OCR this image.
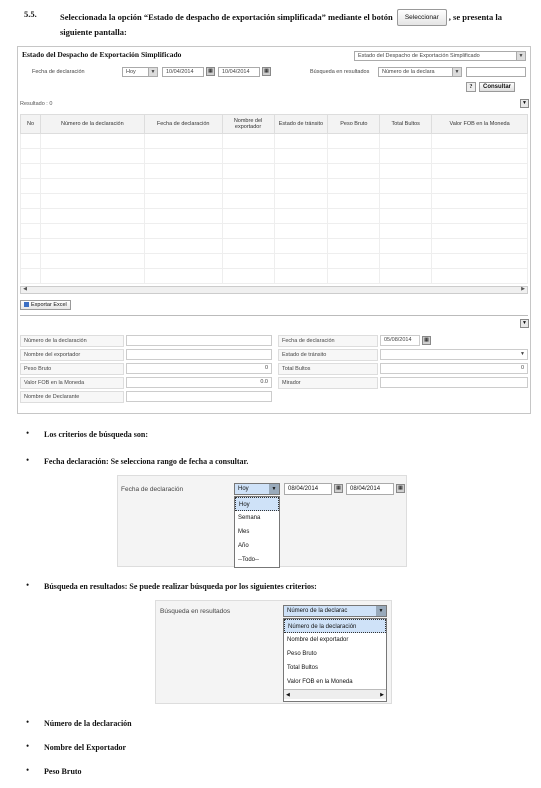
5.5.	Seleccionada la opción “Estado de despacho de exportación simplificada” mediante el botón Seleccionar , se presenta la siguiente pantalla:
Estado del Despacho de Exportación Simplificado	Estado del Despacho de Exportación Simplificado	▼
Fecha de declaración	Hoy	▼	10/04/2014	▦	10/04/2014	▦	Búsqueda en resultados	Número de la declara	▼
?	Consultar
Resultado : 0	▼
No	Número de la declaración	Fecha de declaración	Nombre del exportador	Estado de tránsito	Peso Bruto	Total Bultos	Valor FOB en la Moneda

◀	▶
Exportar Excel
▼
Número de la declaración
Nombre del exportador
Peso Bruto	0
Valor FOB en la Moneda	0.0
Nombre de Declarante
Fecha de declaración	05/08/2014	▦
Estado de tránsito	▼
Total Bultos	0
Mirador
• Los criterios de búsqueda son:
• Fecha declaración: Se selecciona rango de fecha a consultar.
Fecha de declaración	Hoy	▼	08/04/2014	▦	08/04/2014	▦
Hoy
Semana
Mes
Año
--Todo--
• Búsqueda en resultados: Se puede realizar búsqueda por los siguientes criterios:
Búsqueda en resultados	Número de la declarac	▼
Número de la declaración
Nombre del exportador
Peso Bruto
Total Bultos
Valor FOB en la Moneda
◀	▶
• Número de la declaración
• Nombre del Exportador
• Peso Bruto
